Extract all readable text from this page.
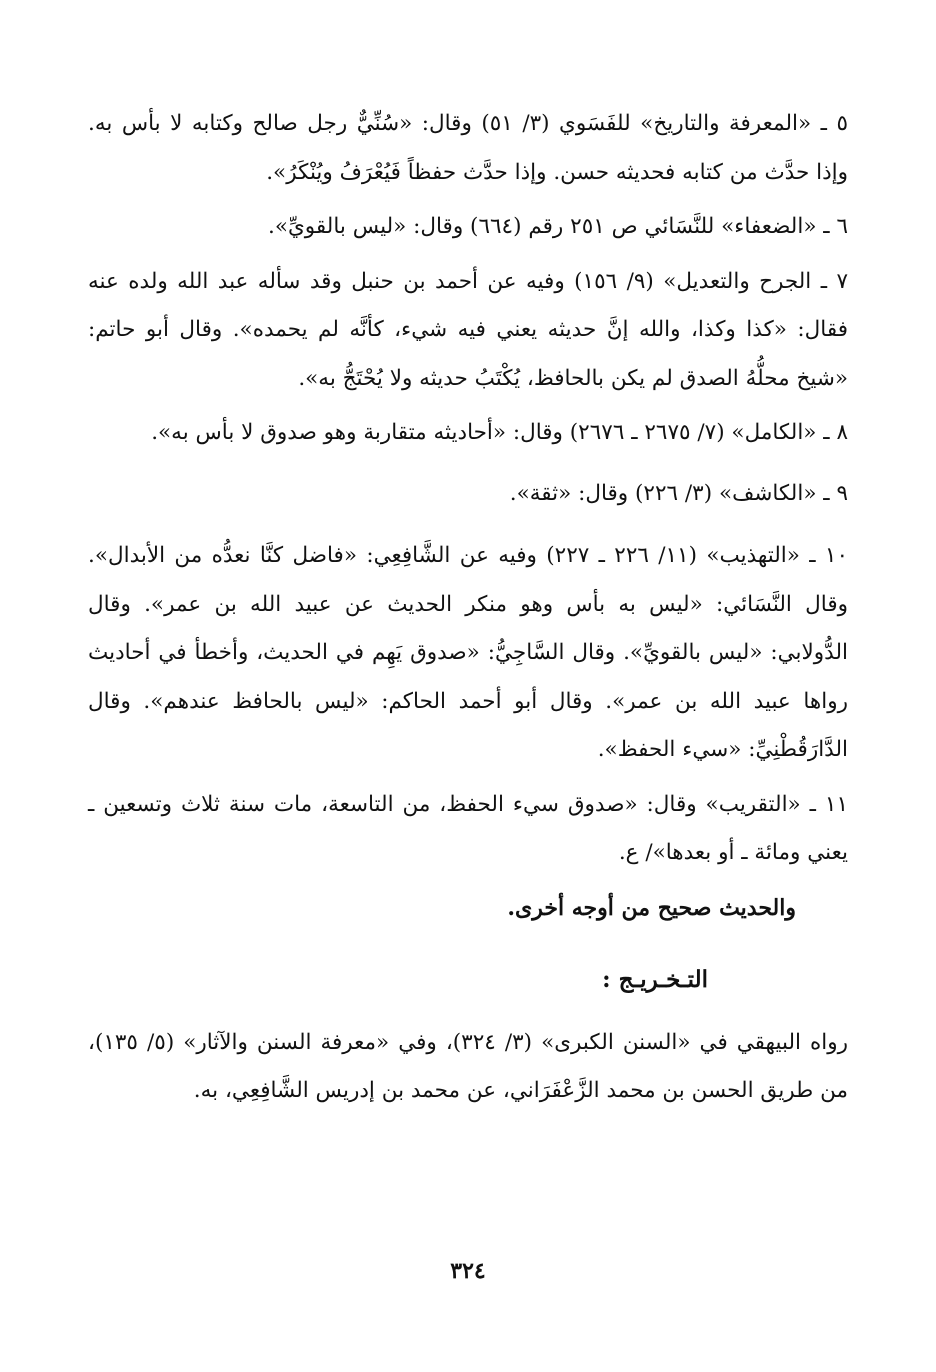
٥ ـ «المعرفة والتاريخ» للفَسَوي (٣/ ٥١) وقال: «سُنِّيٌّ رجل صالح وكتابه لا بأس به. وإذا حدَّث من كتابه فحديثه حسن. وإذا حدَّث حفظاً فَيُعْرَفُ ويُنْكَرُ».

٦ ـ «الضعفاء» للنَّسَائي ص ٢٥١ رقم (٦٦٤) وقال: «ليس بالقويِّ».

٧ ـ الجرح والتعديل» (٩/ ١٥٦) وفيه عن أحمد بن حنبل وقد سأله عبد الله ولده عنه فقال: «كذا وكذا، والله إنَّ حديثه يعني فيه شيء، كأنَّه لم يحمده». وقال أبو حاتم: «شيخ محلُّهُ الصدق لم يكن بالحافظ، يُكْتَبُ حديثه ولا يُحْتَجُّ به».

٨ ـ «الكامل» (٧/ ٢٦٧٥ ـ ٢٦٧٦) وقال: «أحاديثه متقاربة وهو صدوق لا بأس به».

٩ ـ «الكاشف» (٣/ ٢٢٦) وقال: «ثقة».

١٠ ـ «التهذيب» (١١/ ٢٢٦ ـ ٢٢٧) وفيه عن الشَّافِعِي: «فاضل كنَّا نعدُّه من الأبدال». وقال النَّسَائي: «ليس به بأس وهو منكر الحديث عن عبيد الله بن عمر». وقال الدُّولابي: «ليس بالقويِّ». وقال السَّاجِيُّ: «صدوق يَهِم في الحديث، وأخطأ في أحاديث رواها عبيد الله بن عمر». وقال أبو أحمد الحاكم: «ليس بالحافظ عندهم». وقال الدَّارَقُطْنِيِّ: «سيء الحفظ».

١١ ـ «التقريب» وقال: «صدوق سيء الحفظ، من التاسعة، مات سنة ثلاث وتسعين ـ يعني ومائة ـ أو بعدها»/ ع.

والحديث صحيح من أوجه أخرى.

التـخـريـج :

رواه البيهقي في «السنن الكبرى» (٣/ ٣٢٤)، وفي «معرفة السنن والآثار» (٥/ ١٣٥)، من طريق الحسن بن محمد الزَّعْفَرَاني، عن محمد بن إدريس الشَّافِعِي، به.

٣٢٤
